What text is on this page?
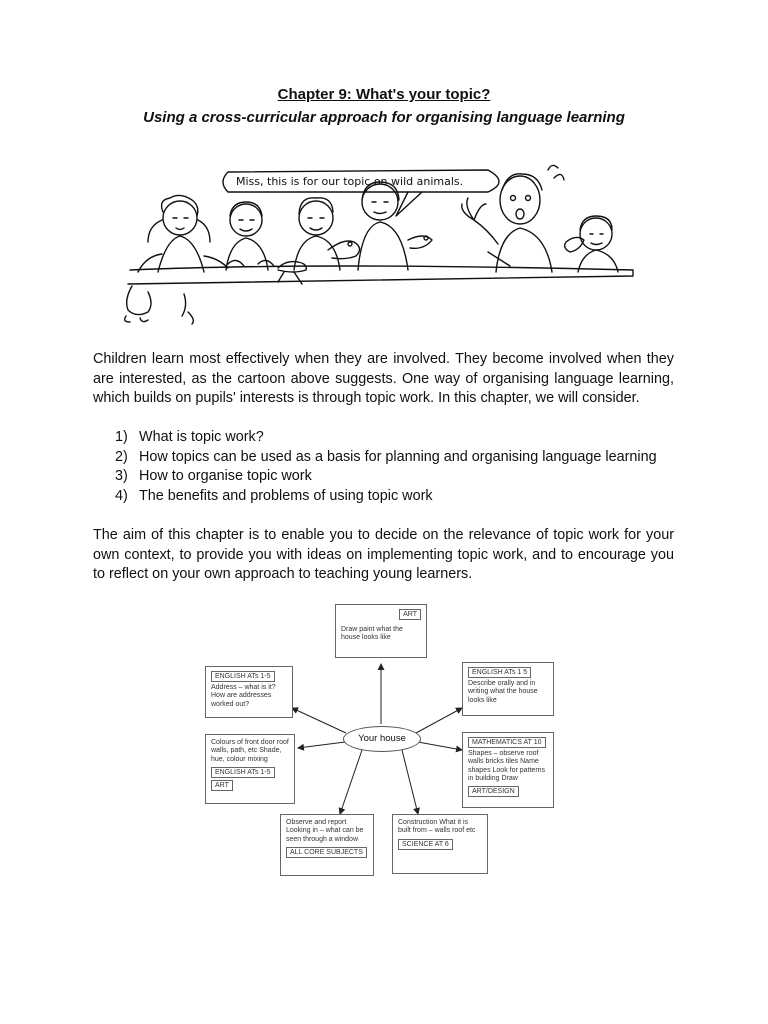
Chapter 9: What's your topic?
Using a cross-curricular approach for organising language learning
Miss, this is for our topic on wild animals.
Children learn most effectively when they are involved. They become involved when they are interested, as the cartoon above suggests. One way of organising language learning, which builds on pupils' interests is through topic work. In this chapter, we will consider.
1) What is topic work?
2) How topics can be used as a basis for planning and organising language learning
3) How to organise topic work
4) The benefits and problems of using topic work
The aim of this chapter is to enable you to decide on the relevance of topic work for your own context, to provide you with ideas on implementing topic work, and to encourage you to reflect on your own approach to teaching young learners.
ART
Draw paint what the house looks like
ENGLISH ATs 1-5
Address – what is it? How are addresses worked out?
ENGLISH ATs 1 5
Describe orally and in writing what the house looks like
Colours of front door roof walls, path, etc Shade, hue, colour mixing
ENGLISH ATs 1-5
ART
MATHEMATICS AT 10
Shapes – observe roof walls bricks tiles Name shapes Look for patterns in building Draw
ART/DESIGN
Observe and report Looking in – what can be seen through a window
ALL CORE SUBJECTS
Construction What it is built from – walls roof etc
SCIENCE AT 6
Your house
